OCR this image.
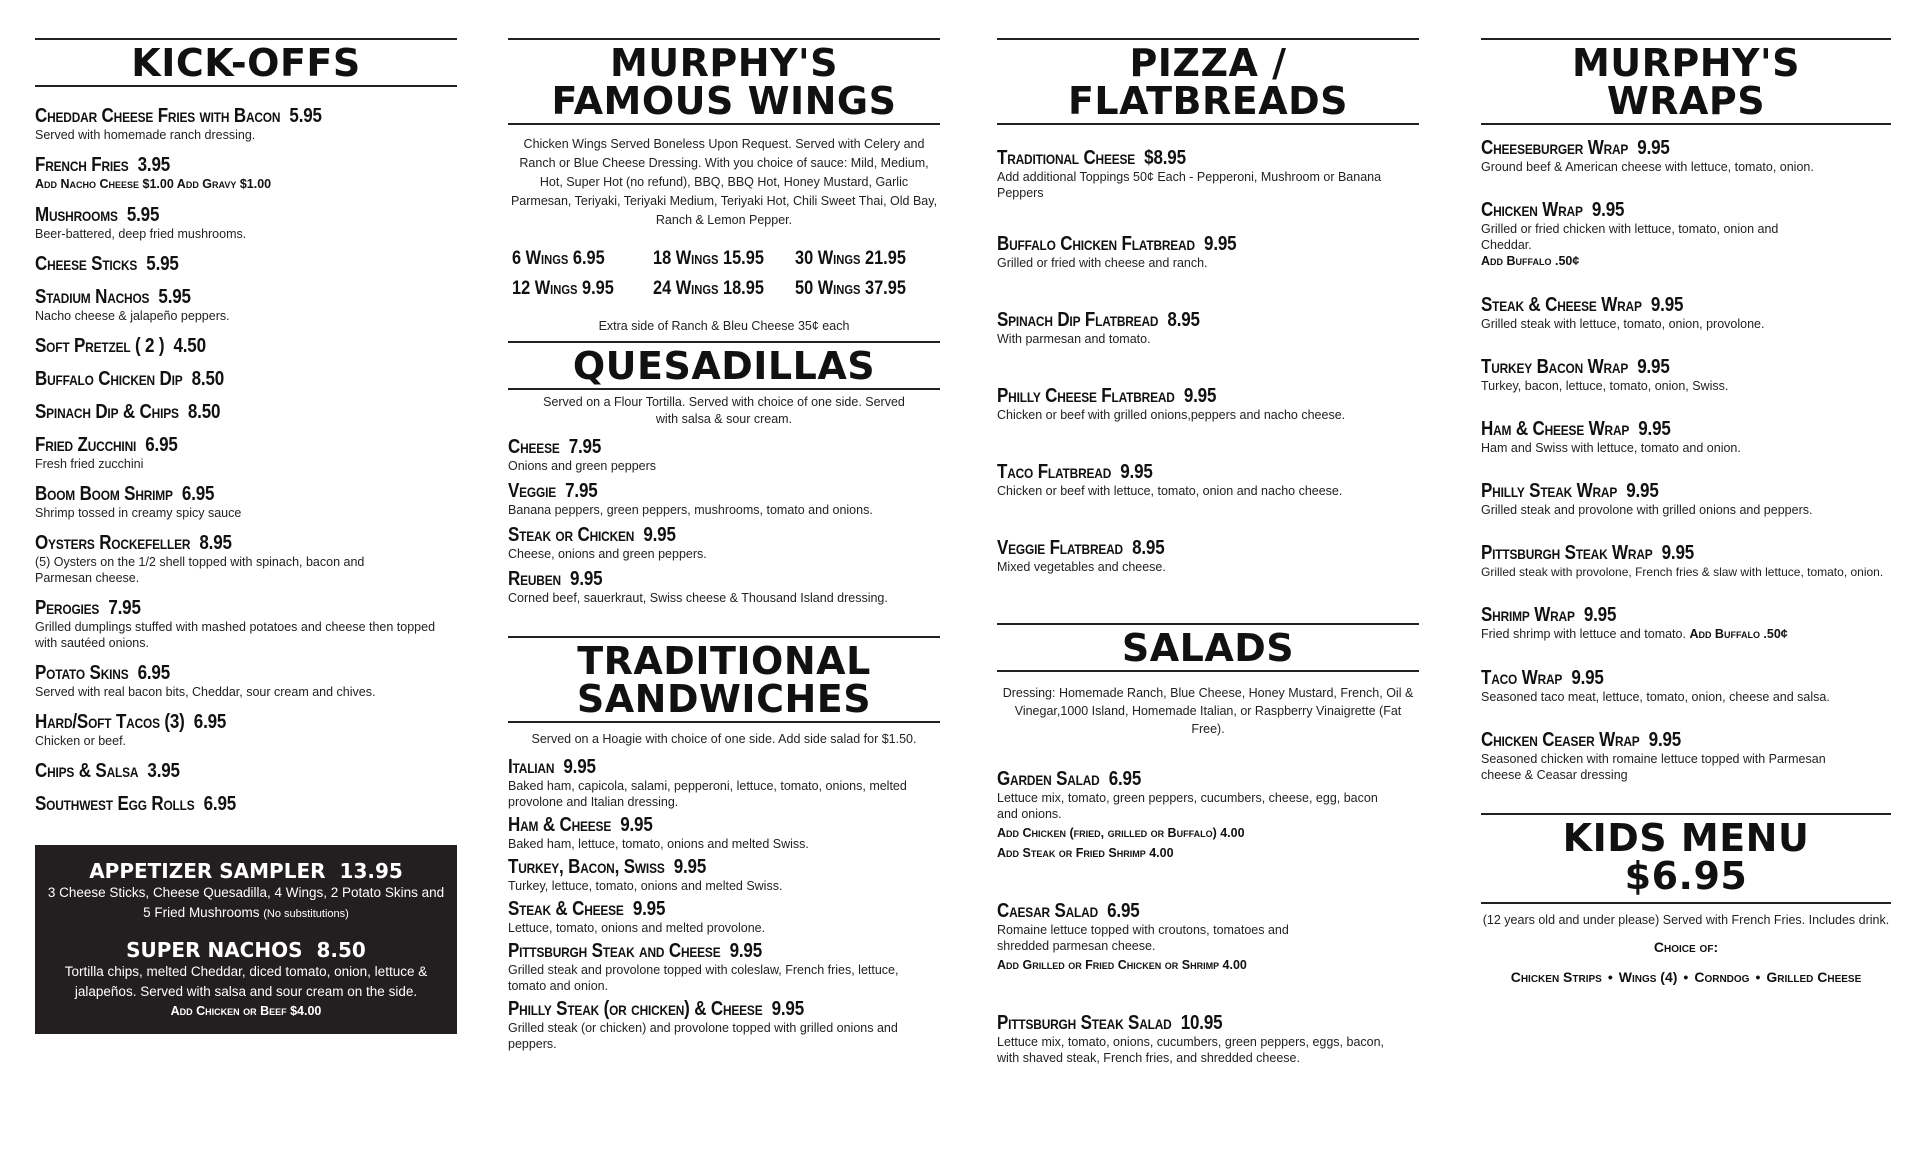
KICK-OFFS
Cheddar Cheese Fries with Bacon 5.95
Served with homemade ranch dressing.
French Fries 3.95
Add Nacho Cheese $1.00 Add Gravy $1.00
Mushrooms 5.95
Beer-battered, deep fried mushrooms.
Cheese Sticks 5.95
Stadium Nachos 5.95
Nacho cheese & jalapeño peppers.
Soft Pretzel ( 2 ) 4.50
Buffalo Chicken Dip 8.50
Spinach Dip & Chips 8.50
Fried Zucchini 6.95
Fresh fried zucchini
Boom Boom Shrimp 6.95
Shrimp tossed in creamy spicy sauce
Oysters Rockefeller 8.95
(5) Oysters on the 1/2 shell topped with spinach, bacon and Parmesan cheese.
Perogies 7.95
Grilled dumplings stuffed with mashed potatoes and cheese then topped with sautéed onions.
Potato Skins 6.95
Served with real bacon bits, Cheddar, sour cream and chives.
Hard/Soft Tacos (3) 6.95
Chicken or beef.
Chips & Salsa 3.95
Southwest Egg Rolls 6.95
APPETIZER SAMPLER 13.95
3 Cheese Sticks, Cheese Quesadilla, 4 Wings, 2 Potato Skins and 5 Fried Mushrooms (No substitutions)
SUPER NACHOS 8.50
Tortilla chips, melted Cheddar, diced tomato, onion, lettuce & jalapeños. Served with salsa and sour cream on the side.
Add Chicken or Beef $4.00
MURPHY'S
FAMOUS WINGS
Chicken Wings Served Boneless Upon Request. Served with Celery and Ranch or Blue Cheese Dressing. With you choice of sauce: Mild, Medium, Hot, Super Hot (no refund), BBQ, BBQ Hot, Honey Mustard, Garlic Parmesan, Teriyaki, Teriyaki Medium, Teriyaki Hot, Chili Sweet Thai, Old Bay, Ranch & Lemon Pepper.
6 Wings 6.95	18 Wings 15.95	30 Wings 21.95
12 Wings 9.95	24 Wings 18.95	50 Wings 37.95
Extra side of Ranch & Bleu Cheese 35¢ each
QUESADILLAS
Served on a Flour Tortilla. Served with choice of one side. Served with salsa & sour cream.
Cheese 7.95
Onions and green peppers
Veggie 7.95
Banana peppers, green peppers, mushrooms, tomato and onions.
Steak or Chicken 9.95
Cheese, onions and green peppers.
Reuben 9.95
Corned beef, sauerkraut, Swiss cheese & Thousand Island dressing.
TRADITIONAL
SANDWICHES
Served on a Hoagie with choice of one side. Add side salad for $1.50.
Italian 9.95
Baked ham, capicola, salami, pepperoni, lettuce, tomato, onions, melted provolone and Italian dressing.
Ham & Cheese 9.95
Baked ham, lettuce, tomato, onions and melted Swiss.
Turkey, Bacon, Swiss 9.95
Turkey, lettuce, tomato, onions and melted Swiss.
Steak & Cheese 9.95
Lettuce, tomato, onions and melted provolone.
Pittsburgh Steak and Cheese 9.95
Grilled steak and provolone topped with coleslaw, French fries, lettuce, tomato and onion.
Philly Steak (or chicken) & Cheese 9.95
Grilled steak (or chicken) and provolone topped with grilled onions and peppers.
PIZZA /
FLATBREADS
Traditional Cheese $8.95
Add additional Toppings 50¢ Each - Pepperoni, Mushroom or Banana Peppers
Buffalo Chicken Flatbread 9.95
Grilled or fried with cheese and ranch.
Spinach Dip Flatbread 8.95
With parmesan and tomato.
Philly Cheese Flatbread 9.95
Chicken or beef with grilled onions,peppers and nacho cheese.
Taco Flatbread 9.95
Chicken or beef with lettuce, tomato, onion and nacho cheese.
Veggie Flatbread 8.95
Mixed vegetables and cheese.
SALADS
Dressing: Homemade Ranch, Blue Cheese, Honey Mustard, French, Oil & Vinegar,1000 Island, Homemade Italian, or Raspberry Vinaigrette (Fat Free).
Garden Salad 6.95
Lettuce mix, tomato, green peppers, cucumbers, cheese, egg, bacon and onions.
Add Chicken (fried, grilled or Buffalo) 4.00
Add Steak or Fried Shrimp 4.00
Caesar Salad 6.95
Romaine lettuce topped with croutons, tomatoes and shredded parmesan cheese.
Add Grilled or Fried Chicken or Shrimp 4.00
Pittsburgh Steak Salad 10.95
Lettuce mix, tomato, onions, cucumbers, green peppers, eggs, bacon, with shaved steak, French fries, and shredded cheese.
MURPHY'S
WRAPS
Cheeseburger Wrap 9.95
Ground beef & American cheese with lettuce, tomato, onion.
Chicken Wrap 9.95
Grilled or fried chicken with lettuce, tomato, onion and Cheddar.
Add Buffalo .50¢
Steak & Cheese Wrap 9.95
Grilled steak with lettuce, tomato, onion, provolone.
Turkey Bacon Wrap 9.95
Turkey, bacon, lettuce, tomato, onion, Swiss.
Ham & Cheese Wrap 9.95
Ham and Swiss with lettuce, tomato and onion.
Philly Steak Wrap 9.95
Grilled steak and provolone with grilled onions and peppers.
Pittsburgh Steak Wrap 9.95
Grilled steak with provolone, French fries & slaw with lettuce, tomato, onion.
Shrimp Wrap 9.95
Fried shrimp with lettuce and tomato. Add Buffalo .50¢
Taco Wrap 9.95
Seasoned taco meat, lettuce, tomato, onion, cheese and salsa.
Chicken Ceaser Wrap 9.95
Seasoned chicken with romaine lettuce topped with Parmesan cheese & Ceasar dressing
KIDS MENU
$6.95
(12 years old and under please) Served with French Fries. Includes drink.
Choice of:
Chicken Strips • Wings (4) • Corndog • Grilled Cheese
